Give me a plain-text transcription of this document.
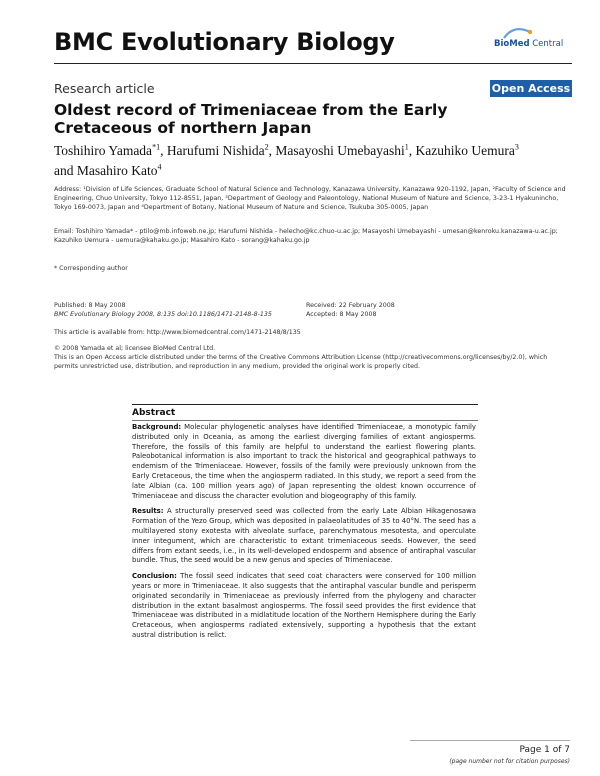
BMC Evolutionary Biology	BioMed Central
Research article	Open Access
Oldest record of Trimeniaceae from the Early Cretaceous of northern Japan
Toshihiro Yamada$^{*1}$, Harufumi Nishida$^2$, Masayoshi Umebayashi$^1$, Kazuhiko Uemura$^3$ and Masahiro Kato$^4$
Address: ¹Division of Life Sciences, Graduate School of Natural Science and Technology, Kanazawa University, Kanazawa 920-1192, Japan, ²Faculty of Science and Engineering, Chuo University, Tokyo 112-8551, Japan, ³Department of Geology and Paleontology, National Museum of Nature and Science, 3-23-1 Hyakunincho, Tokyo 169-0073, Japan and ⁴Department of Botany, National Museum of Nature and Science, Tsukuba 305-0005, Japan
Email: Toshihiro Yamada* - ptilo@mb.infoweb.ne.jp; Harufumi Nishida - helecho@kc.chuo-u.ac.jp; Masayoshi Umebayashi - umesan@kenroku.kanazawa-u.ac.jp; Kazuhiko Uemura - uemura@kahaku.go.jp; Masahiro Kato - sorang@kahaku.go.jp
* Corresponding author
Published: 8 May 2008
BMC Evolutionary Biology 2008, 8:135 doi:10.1186/1471-2148-8-135
Received: 22 February 2008
Accepted: 8 May 2008
This article is available from: http://www.biomedcentral.com/1471-2148/8/135
© 2008 Yamada et al; licensee BioMed Central Ltd.
This is an Open Access article distributed under the terms of the Creative Commons Attribution License (http://creativecommons.org/licenses/by/2.0), which permits unrestricted use, distribution, and reproduction in any medium, provided the original work is properly cited.
Abstract

Background: Molecular phylogenetic analyses have identified Trimeniaceae, a monotypic family distributed only in Oceania, as among the earliest diverging families of extant angiosperms. Therefore, the fossils of this family are helpful to understand the earliest flowering plants. Paleobotanical information is also important to track the historical and geographical pathways to endemism of the Trimeniaceae. However, fossils of the family were previously unknown from the Early Cretaceous, the time when the angiosperm radiated. In this study, we report a seed from the late Albian (ca. 100 million years ago) of Japan representing the oldest known occurrence of Trimeniaceae and discuss the character evolution and biogeography of this family.

Results: A structurally preserved seed was collected from the early Late Albian Hikagenosawa Formation of the Yezo Group, which was deposited in palaeolatitudes of 35 to 40°N. The seed has a multilayered stony exotesta with alveolate surface, parenchymatous mesotesta, and operculate inner integument, which are characteristic to extant trimeniaceous seeds. However, the seed differs from extant seeds, i.e., in its well-developed endosperm and absence of antiraphal vascular bundle. Thus, the seed would be a new genus and species of Trimeniaceae.

Conclusion: The fossil seed indicates that seed coat characters were conserved for 100 million years or more in Trimeniaceae. It also suggests that the antiraphal vascular bundle and perisperm originated secondarily in Trimeniaceae as previously inferred from the phylogeny and character distribution in the extant basalmost angiosperms. The fossil seed provides the first evidence that Trimeniaceae was distributed in a midlatitude location of the Northern Hemisphere during the Early Cretaceous, when angiosperms radiated extensively, supporting a hypothesis that the extant austral distribution is relict.

Page 1 of 7
(page number not for citation purposes)
